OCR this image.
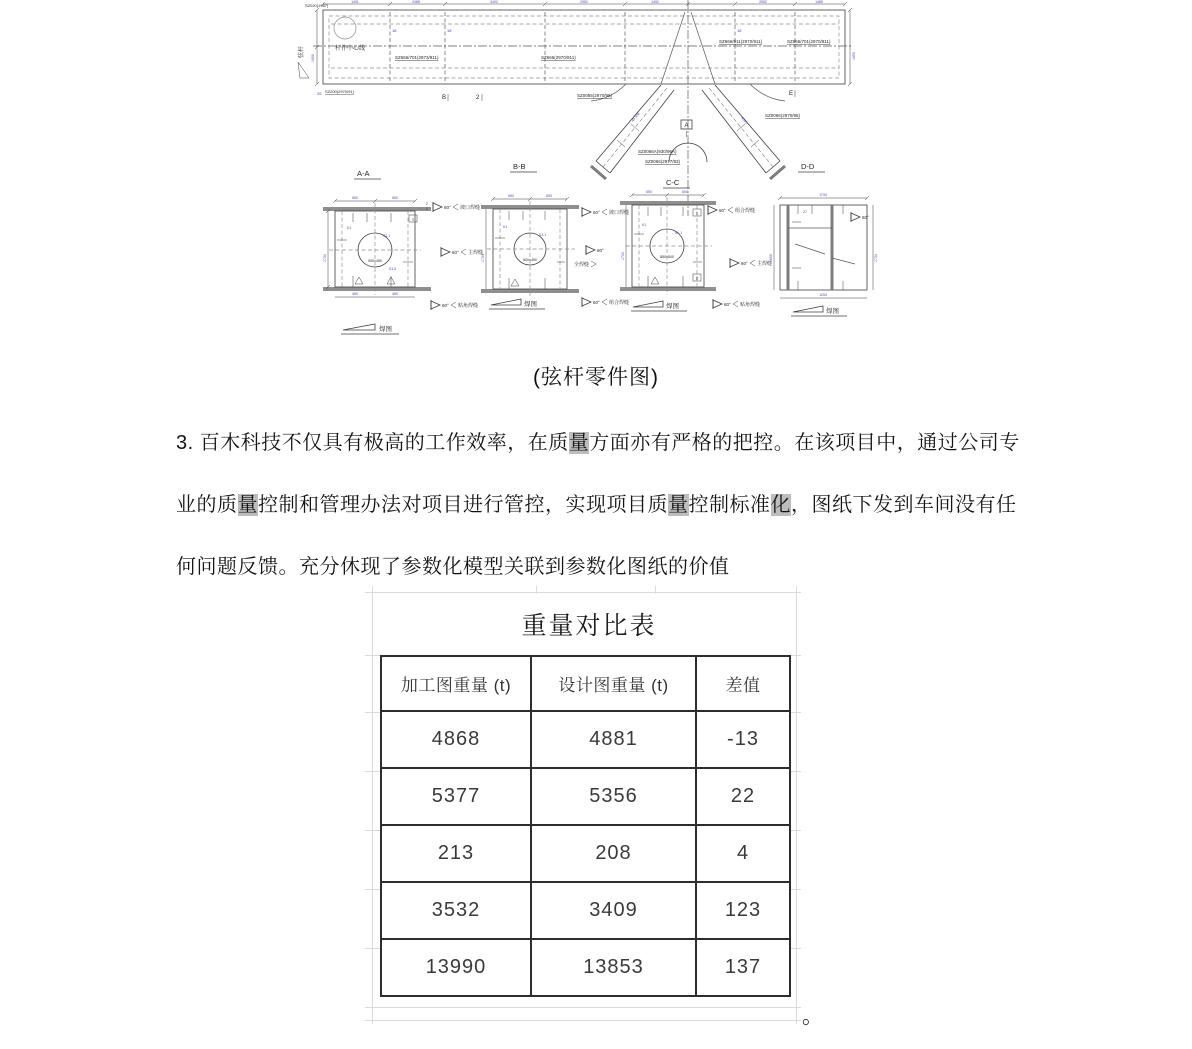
1491	2485	3492	2952	1492	2952	1485
杆件中心线
SZ666/701(2973/911)	SZ666(2970/911)
SZ666/911(2970/911)	SZ666/701(2970/911)
SZ020(1967)
SZ200(2970/91)
18	18	18
25
B	2
E
1650	1650
弦杆
A
SZ0065(2970/96)
SZ0066(2970/96)
SZ0066A(930/96A)
SZ0066(2977/93)
45.308	4300
A-A
B-B
C-C
D-D
500×450
1
K1
S1.1
S1.5
650	650
1734
450	450
2
1	60° 坡口焊缝
60° 主焊缝
60° 贴角焊缝
焊图
600×450
K1
S1.1
650	650
1734
60° 坡口焊缝
60°
60° 组合焊缝
焊图
850×500
1
2
K1
S1.1
650	650
1734
全焊缝
60° 组合焊缝
60° 主焊缝
60° 贴角焊缝
焊图
27
1734
1254
1650	1734
60°
焊图
(弦杆零件图)
3. 百木科技不仅具有极高的工作效率，在质量方面亦有严格的把控。在该项目中，通过公司专
业的质量控制和管理办法对项目进行管控，实现项目质量控制标准化，图纸下发到车间没有任
何问题反馈。充分休现了参数化模型关联到参数化图纸的价值
重量对比表
加工图重量 (t)	设计图重量 (t)	差值
4868	4881	-13
5377	5356	22
213	208	4
3532	3409	123
13990	13853	137
。
